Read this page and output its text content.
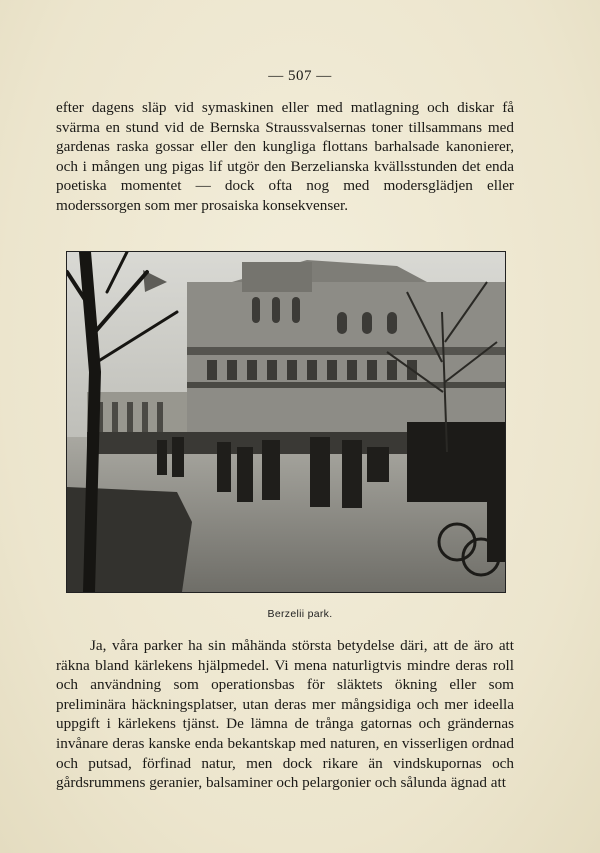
— 507 —

efter dagens släp vid symaskinen eller med matlagning och diskar få svärma en stund vid de Bernska Straussvalsernas toner tillsammans med gardenas raska gossar eller den kungliga flottans barhalsade kanonierer, och i mången ung pigas lif utgör den Berzelianska kvällsstunden det enda poetiska momentet — dock ofta nog med modersglädjen eller moderssorgen som mer prosaiska konsekvenser.

Berzelii park.

Ja, våra parker ha sin måhända största betydelse däri, att de äro att räkna bland kärlekens hjälpmedel. Vi mena naturligtvis mindre deras roll och användning som operationsbas för släktets ökning eller som preliminära häckningsplatser, utan deras mer mångsidiga och mer ideella uppgift i kärlekens tjänst. De lämna de trånga gatornas och grändernas invånare deras kanske enda bekantskap med naturen, en visserligen ordnad och putsad, förfinad natur, men dock rikare än vindskupornas och gårdsrummens geranier, balsaminer och pelargonier och sålunda ägnad att
